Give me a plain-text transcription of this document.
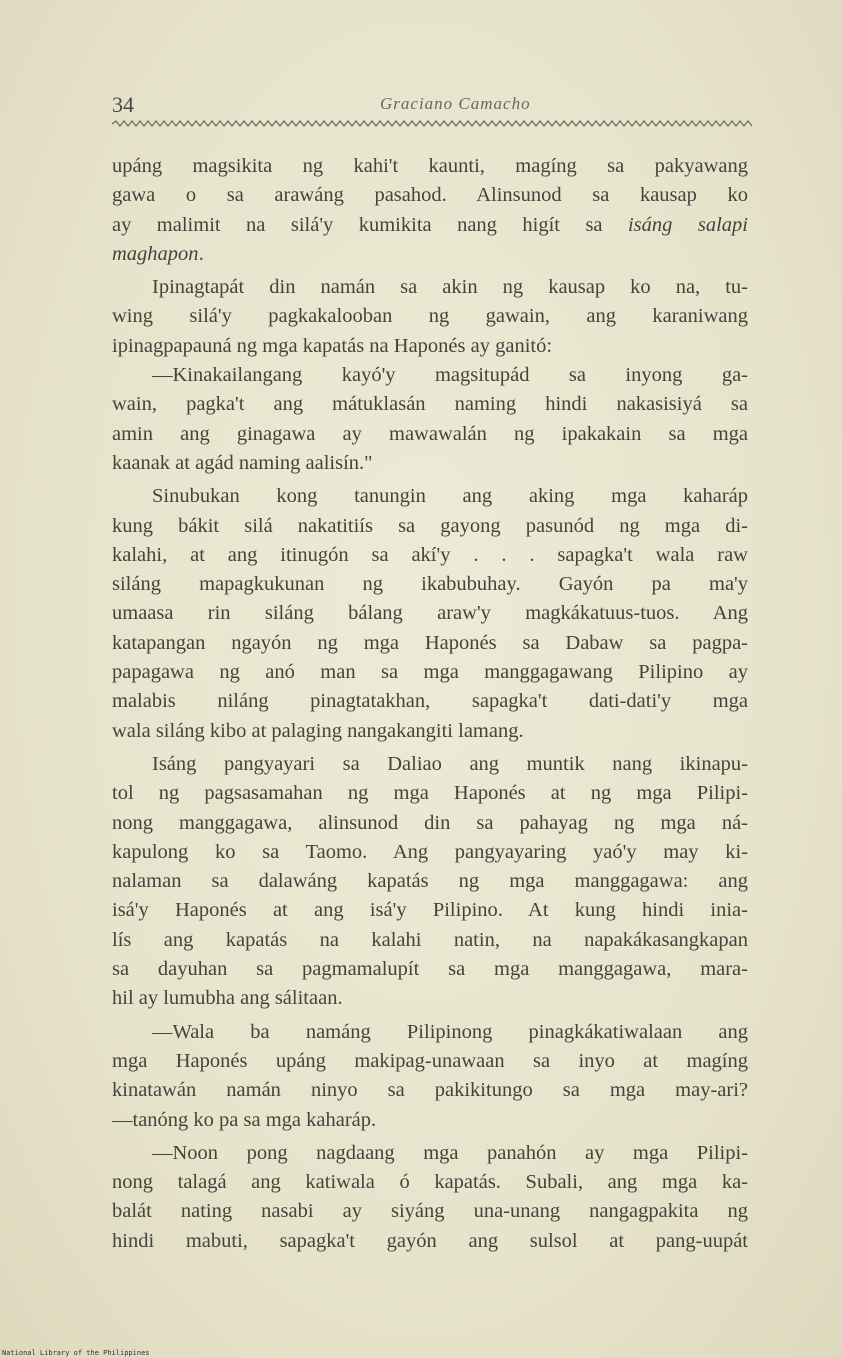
34	Graciano Camacho
upáng magsikita ng kahi't kaunti, magíng sa pakyawang
gawa o sa arawáng pasahod. Alinsunod sa kausap ko
ay malimit na silá'y kumikita nang higít sa isáng salapi
maghapon.
Ipinagtapát din namán sa akin ng kausap ko na, tu-
wing silá'y pagkakalooban ng gawain, ang karaniwang
ipinagpapauná ng mga kapatás na Haponés ay ganitó:
—Kinakailangang kayó'y magsitupád sa inyong ga-
wain, pagka't ang mátuklasán naming hindi nakasisiyá sa
amin ang ginagawa ay mawawalán ng ipakakain sa mga
kaanak at agád naming aalisín."
Sinubukan kong tanungin ang aking mga kaharáp
kung bákit silá nakatitiís sa gayong pasunód ng mga di-
kalahi, at ang itinugón sa akí'y . . . sapagka't wala raw
siláng mapagkukunan ng ikabubuhay. Gayón pa ma'y
umaasa rin siláng bálang araw'y magkákatuus-tuos. Ang
katapangan ngayón ng mga Haponés sa Dabaw sa pagpa-
papagawa ng anó man sa mga manggagawang Pilipino ay
malabis niláng pinagtatakhan, sapagka't dati-dati'y mga
wala siláng kibo at palaging nangakangiti lamang.
Isáng pangyayari sa Daliao ang muntik nang ikinapu-
tol ng pagsasamahan ng mga Haponés at ng mga Pilipi-
nong manggagawa, alinsunod din sa pahayag ng mga ná-
kapulong ko sa Taomo. Ang pangyayaring yaó'y may ki-
nalaman sa dalawáng kapatás ng mga manggagawa: ang
isá'y Haponés at ang isá'y Pilipino. At kung hindi inia-
lís ang kapatás na kalahi natin, na napakákasangkapan
sa dayuhan sa pagmamalupít sa mga manggagawa, mara-
hil ay lumubha ang sálitaan.
—Wala ba namáng Pilipinong pinagkákatiwalaan ang
mga Haponés upáng makipag-unawaan sa inyo at magíng
kinatawán namán ninyo sa pakikitungo sa mga may-ari?
—tanóng ko pa sa mga kaharáp.
—Noon pong nagdaang mga panahón ay mga Pilipi-
nong talagá ang katiwala ó kapatás. Subali, ang mga ka-
balát nating nasabi ay siyáng una-unang nangagpakita ng
hindi mabuti, sapagka't gayón ang sulsol at pang-uupát
National Library of the Philippines
